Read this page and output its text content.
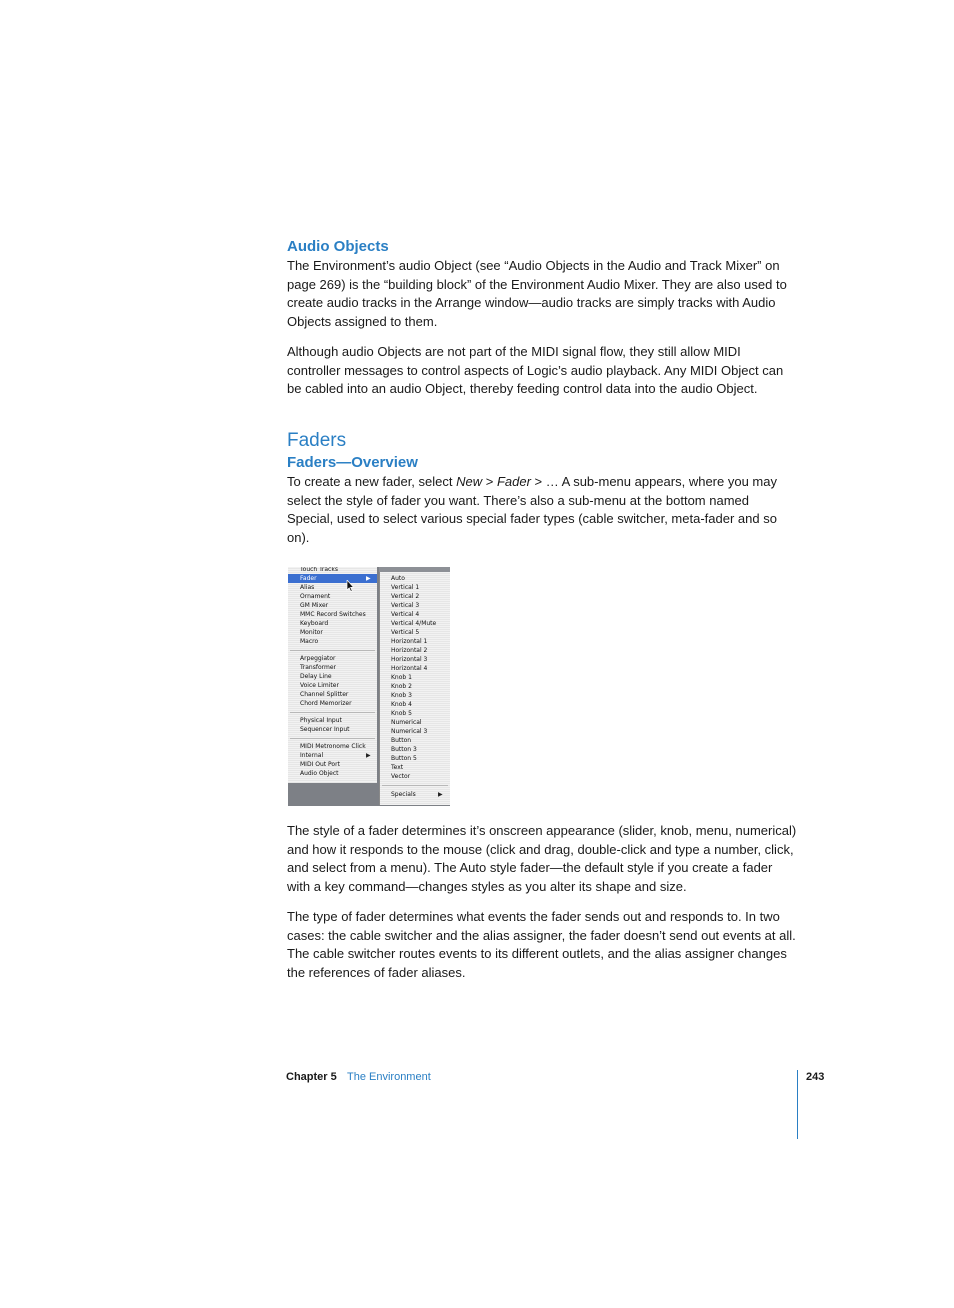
Audio Objects

The Environment’s audio Object (see “Audio Objects in the Audio and Track Mixer” on page 269) is the “building block” of the Environment Audio Mixer. They are also used to create audio tracks in the Arrange window—audio tracks are simply tracks with Audio Objects assigned to them.

Although audio Objects are not part of the MIDI signal flow, they still allow MIDI controller messages to control aspects of Logic’s audio playback. Any MIDI Object can be cabled into an audio Object, thereby feeding control data into the audio Object.

Faders
Faders—Overview

To create a new fader, select New > Fader > … A sub-menu appears, where you may select the style of fader you want. There’s also a sub-menu at the bottom named Special, used to select various special fader types (cable switcher, meta-fader and so on).

Touch Tracks
Fader	▶
Alias
Ornament
GM Mixer
MMC Record Switches
Keyboard
Monitor
Macro
Arpeggiator
Transformer
Delay Line
Voice Limiter
Channel Splitter
Chord Memorizer
Physical Input
Sequencer Input
MIDI Metronome Click
Internal	▶
MIDI Out Port
Audio Object
Auto
Vertical 1
Vertical 2
Vertical 3
Vertical 4
Vertical 4/Mute
Vertical 5
Horizontal 1
Horizontal 2
Horizontal 3
Horizontal 4
Knob 1
Knob 2
Knob 3
Knob 4
Knob 5
Numerical
Numerical 3
Button
Button 3
Button 5
Text
Vector
Specials	▶

The style of a fader determines it’s onscreen appearance (slider, knob, menu, numerical) and how it responds to the mouse (click and drag, double-click and type a number, click, and select from a menu). The Auto style fader—the default style if you create a fader with a key command—changes styles as you alter its shape and size.

The type of fader determines what events the fader sends out and responds to. In two cases: the cable switcher and the alias assigner, the fader doesn’t send out events at all. The cable switcher routes events to its different outlets, and the alias assigner changes the references of fader aliases.

Chapter 5 The Environment	243
